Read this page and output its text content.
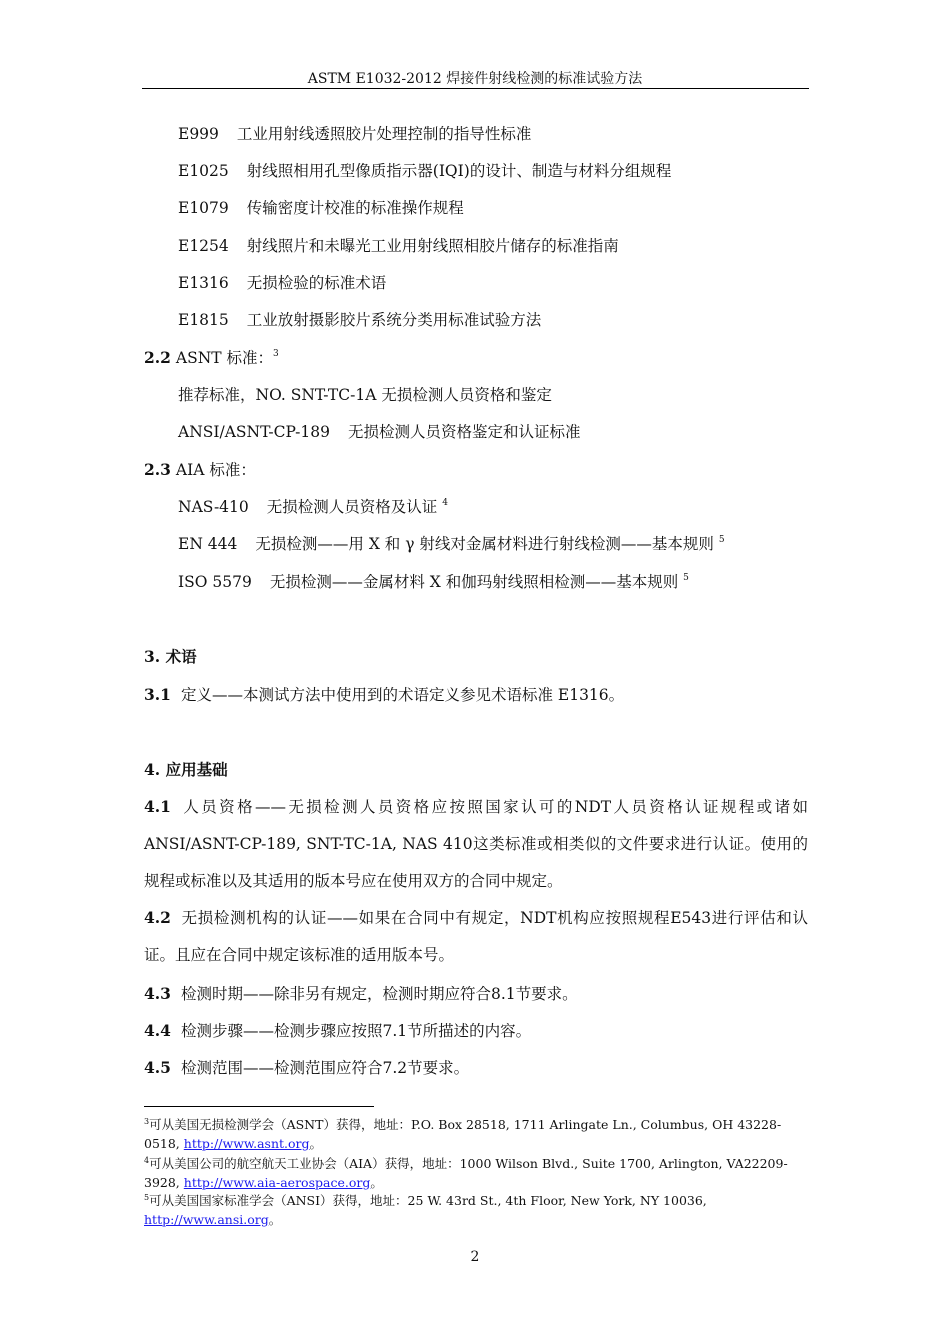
ASTM E1032-2012 焊接件射线检测的标准试验方法
E999 工业用射线透照胶片处理控制的指导性标准
E1025 射线照相用孔型像质指示器(IQI)的设计、制造与材料分组规程
E1079 传输密度计校准的标准操作规程
E1254 射线照片和未曝光工业用射线照相胶片储存的标准指南
E1316 无损检验的标准术语
E1815 工业放射摄影胶片系统分类用标准试验方法
2.2 ASNT 标准：$^3$
推荐标准，NO. SNT-TC-1A 无损检测人员资格和鉴定
ANSI/ASNT-CP-189 无损检测人员资格鉴定和认证标准
2.3 AIA 标准：
NAS-410 无损检测人员资格及认证 $^4$
EN 444 无损检测——用 X 和 γ 射线对金属材料进行射线检测——基本规则 $^5$
ISO 5579 无损检测——金属材料 X 和伽玛射线照相检测——基本规则 $^5$
3. 术语
3.1 定义——本测试方法中使用到的术语定义参见术语标准 E1316。
4. 应用基础
4.1 人员资格——无损检测人员资格应按照国家认可的NDT人员资格认证规程或诸如ANSI/ASNT-CP-189, SNT-TC-1A, NAS 410这类标准或相类似的文件要求进行认证。使用的规程或标准以及其适用的版本号应在使用双方的合同中规定。
4.2 无损检测机构的认证——如果在合同中有规定，NDT机构应按照规程E543进行评估和认证。且应在合同中规定该标准的适用版本号。
4.3 检测时期——除非另有规定，检测时期应符合8.1节要求。
4.4 检测步骤——检测步骤应按照7.1节所描述的内容。
4.5 检测范围——检测范围应符合7.2节要求。
$^3$可从美国无损检测学会（ASNT）获得，地址：P.O. Box 28518, 1711 Arlingate Ln., Columbus, OH 43228-0518, http://www.asnt.org。
$^4$可从美国公司的航空航天工业协会（AIA）获得，地址：1000 Wilson Blvd., Suite 1700, Arlington, VA22209-3928, http://www.aia-aerospace.org。
$^5$可从美国国家标准学会（ANSI）获得，地址：25 W. 43rd St., 4th Floor, New York, NY 10036, http://www.ansi.org。
2
